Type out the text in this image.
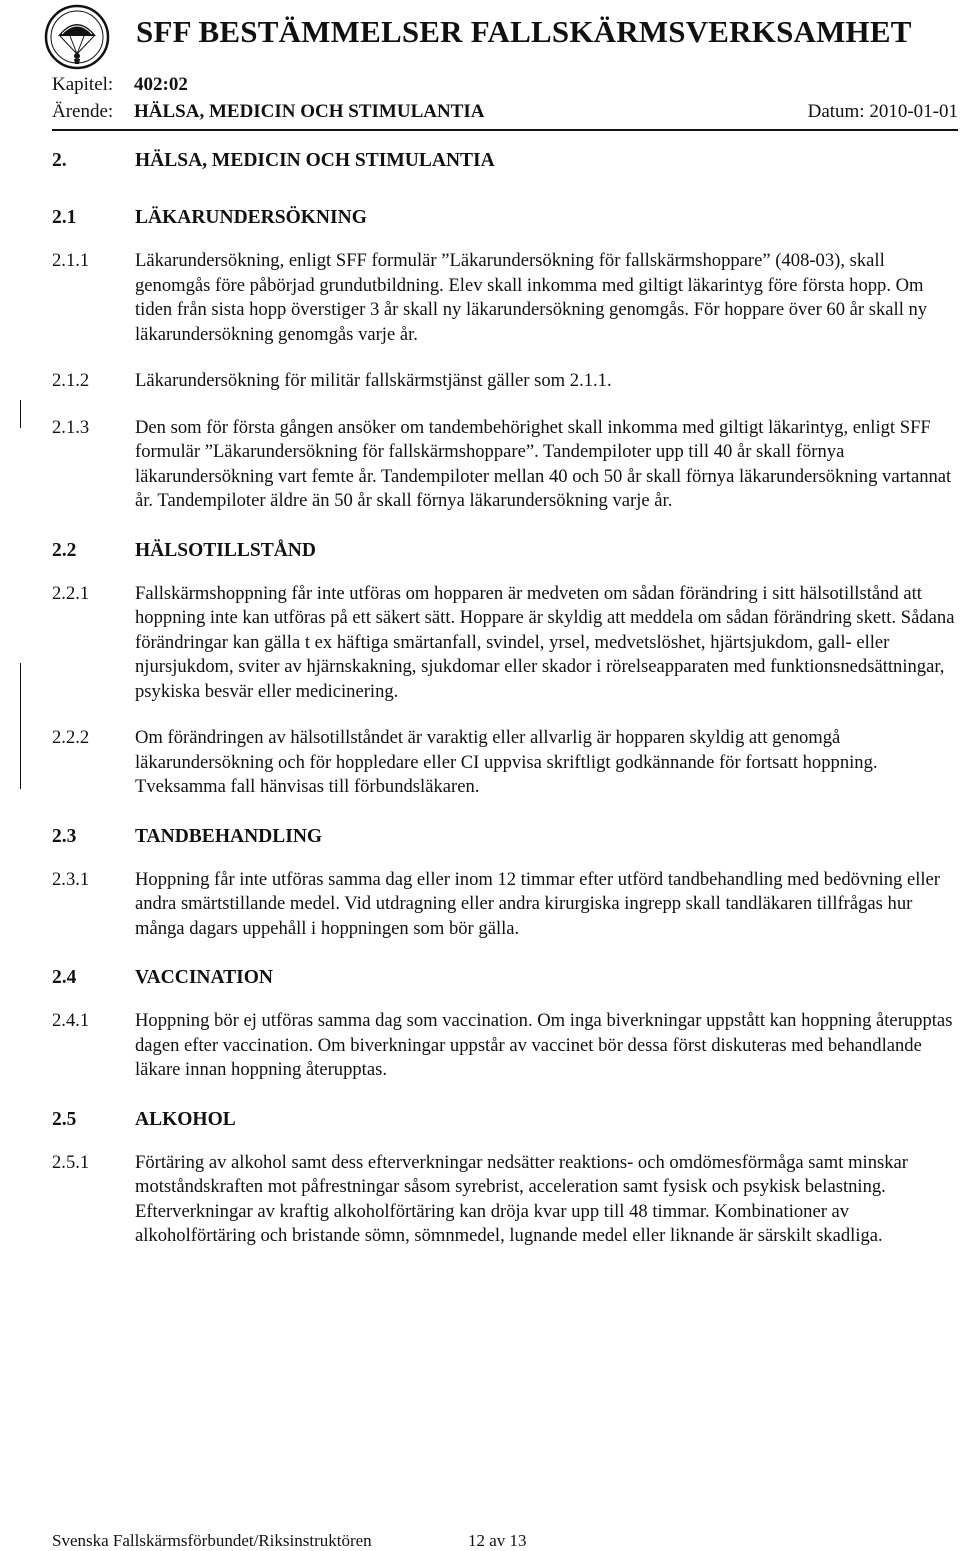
SFF BESTÄMMELSER FALLSKÄRMSVERKSAMHET
Kapitel: 402:02
Ärende: HÄLSA, MEDICIN OCH STIMULANTIA	Datum: 2010-01-01
2.	HÄLSA, MEDICIN OCH STIMULANTIA
2.1	LÄKARUNDERSÖKNING
2.1.1	Läkarundersökning, enligt SFF formulär ”Läkarundersökning för fallskärmshoppare” (408-03), skall genomgås före påbörjad grundutbildning. Elev skall inkomma med giltigt läkarintyg före första hopp. Om tiden från sista hopp överstiger 3 år skall ny läkarundersökning genomgås. För hoppare över 60 år skall ny läkarundersökning genomgås varje år.
2.1.2	Läkarundersökning för militär fallskärmstjänst gäller som 2.1.1.
2.1.3	Den som för första gången ansöker om tandembehörighet skall inkomma med giltigt läkarintyg, enligt SFF formulär ”Läkarundersökning för fallskärmshoppare”. Tandempiloter upp till 40 år skall förnya läkarundersökning vart femte år. Tandempiloter mellan 40 och 50 år skall förnya läkarundersökning vartannat år. Tandempiloter äldre än 50 år skall förnya läkarundersökning varje år.
2.2	HÄLSOTILLSTÅND
2.2.1	Fallskärmshoppning får inte utföras om hopparen är medveten om sådan förändring i sitt hälsotillstånd att hoppning inte kan utföras på ett säkert sätt. Hoppare är skyldig att meddela om sådan förändring skett. Sådana förändringar kan gälla t ex häftiga smärtanfall, svindel, yrsel, medvetslöshet, hjärtsjukdom, gall- eller njursjukdom, sviter av hjärnskakning, sjukdomar eller skador i rörelseapparaten med funktionsnedsättningar, psykiska besvär eller medicinering.
2.2.2	Om förändringen av hälsotillståndet är varaktig eller allvarlig är hopparen skyldig att genomgå läkarundersökning och för hoppledare eller CI uppvisa skriftligt godkännande för fortsatt hoppning. Tveksamma fall hänvisas till förbundsläkaren.
2.3	TANDBEHANDLING
2.3.1	Hoppning får inte utföras samma dag eller inom 12 timmar efter utförd tandbehandling med bedövning eller andra smärtstillande medel. Vid utdragning eller andra kirurgiska ingrepp skall tandläkaren tillfrågas hur många dagars uppehåll i hoppningen som bör gälla.
2.4	VACCINATION
2.4.1	Hoppning bör ej utföras samma dag som vaccination. Om inga biverkningar uppstått kan hoppning återupptas dagen efter vaccination. Om biverkningar uppstår av vaccinet bör dessa först diskuteras med behandlande läkare innan hoppning återupptas.
2.5	ALKOHOL
2.5.1	Förtäring av alkohol samt dess efterverkningar nedsätter reaktions- och omdömesförmåga samt minskar motståndskraften mot påfrestningar såsom syrebrist, acceleration samt fysisk och psykisk belastning. Efterverkningar av kraftig alkoholförtäring kan dröja kvar upp till 48 timmar. Kombinationer av alkoholförtäring och bristande sömn, sömnmedel, lugnande medel eller liknande är särskilt skadliga.
Svenska Fallskärmsförbundet/Riksinstruktören	12 av 13
